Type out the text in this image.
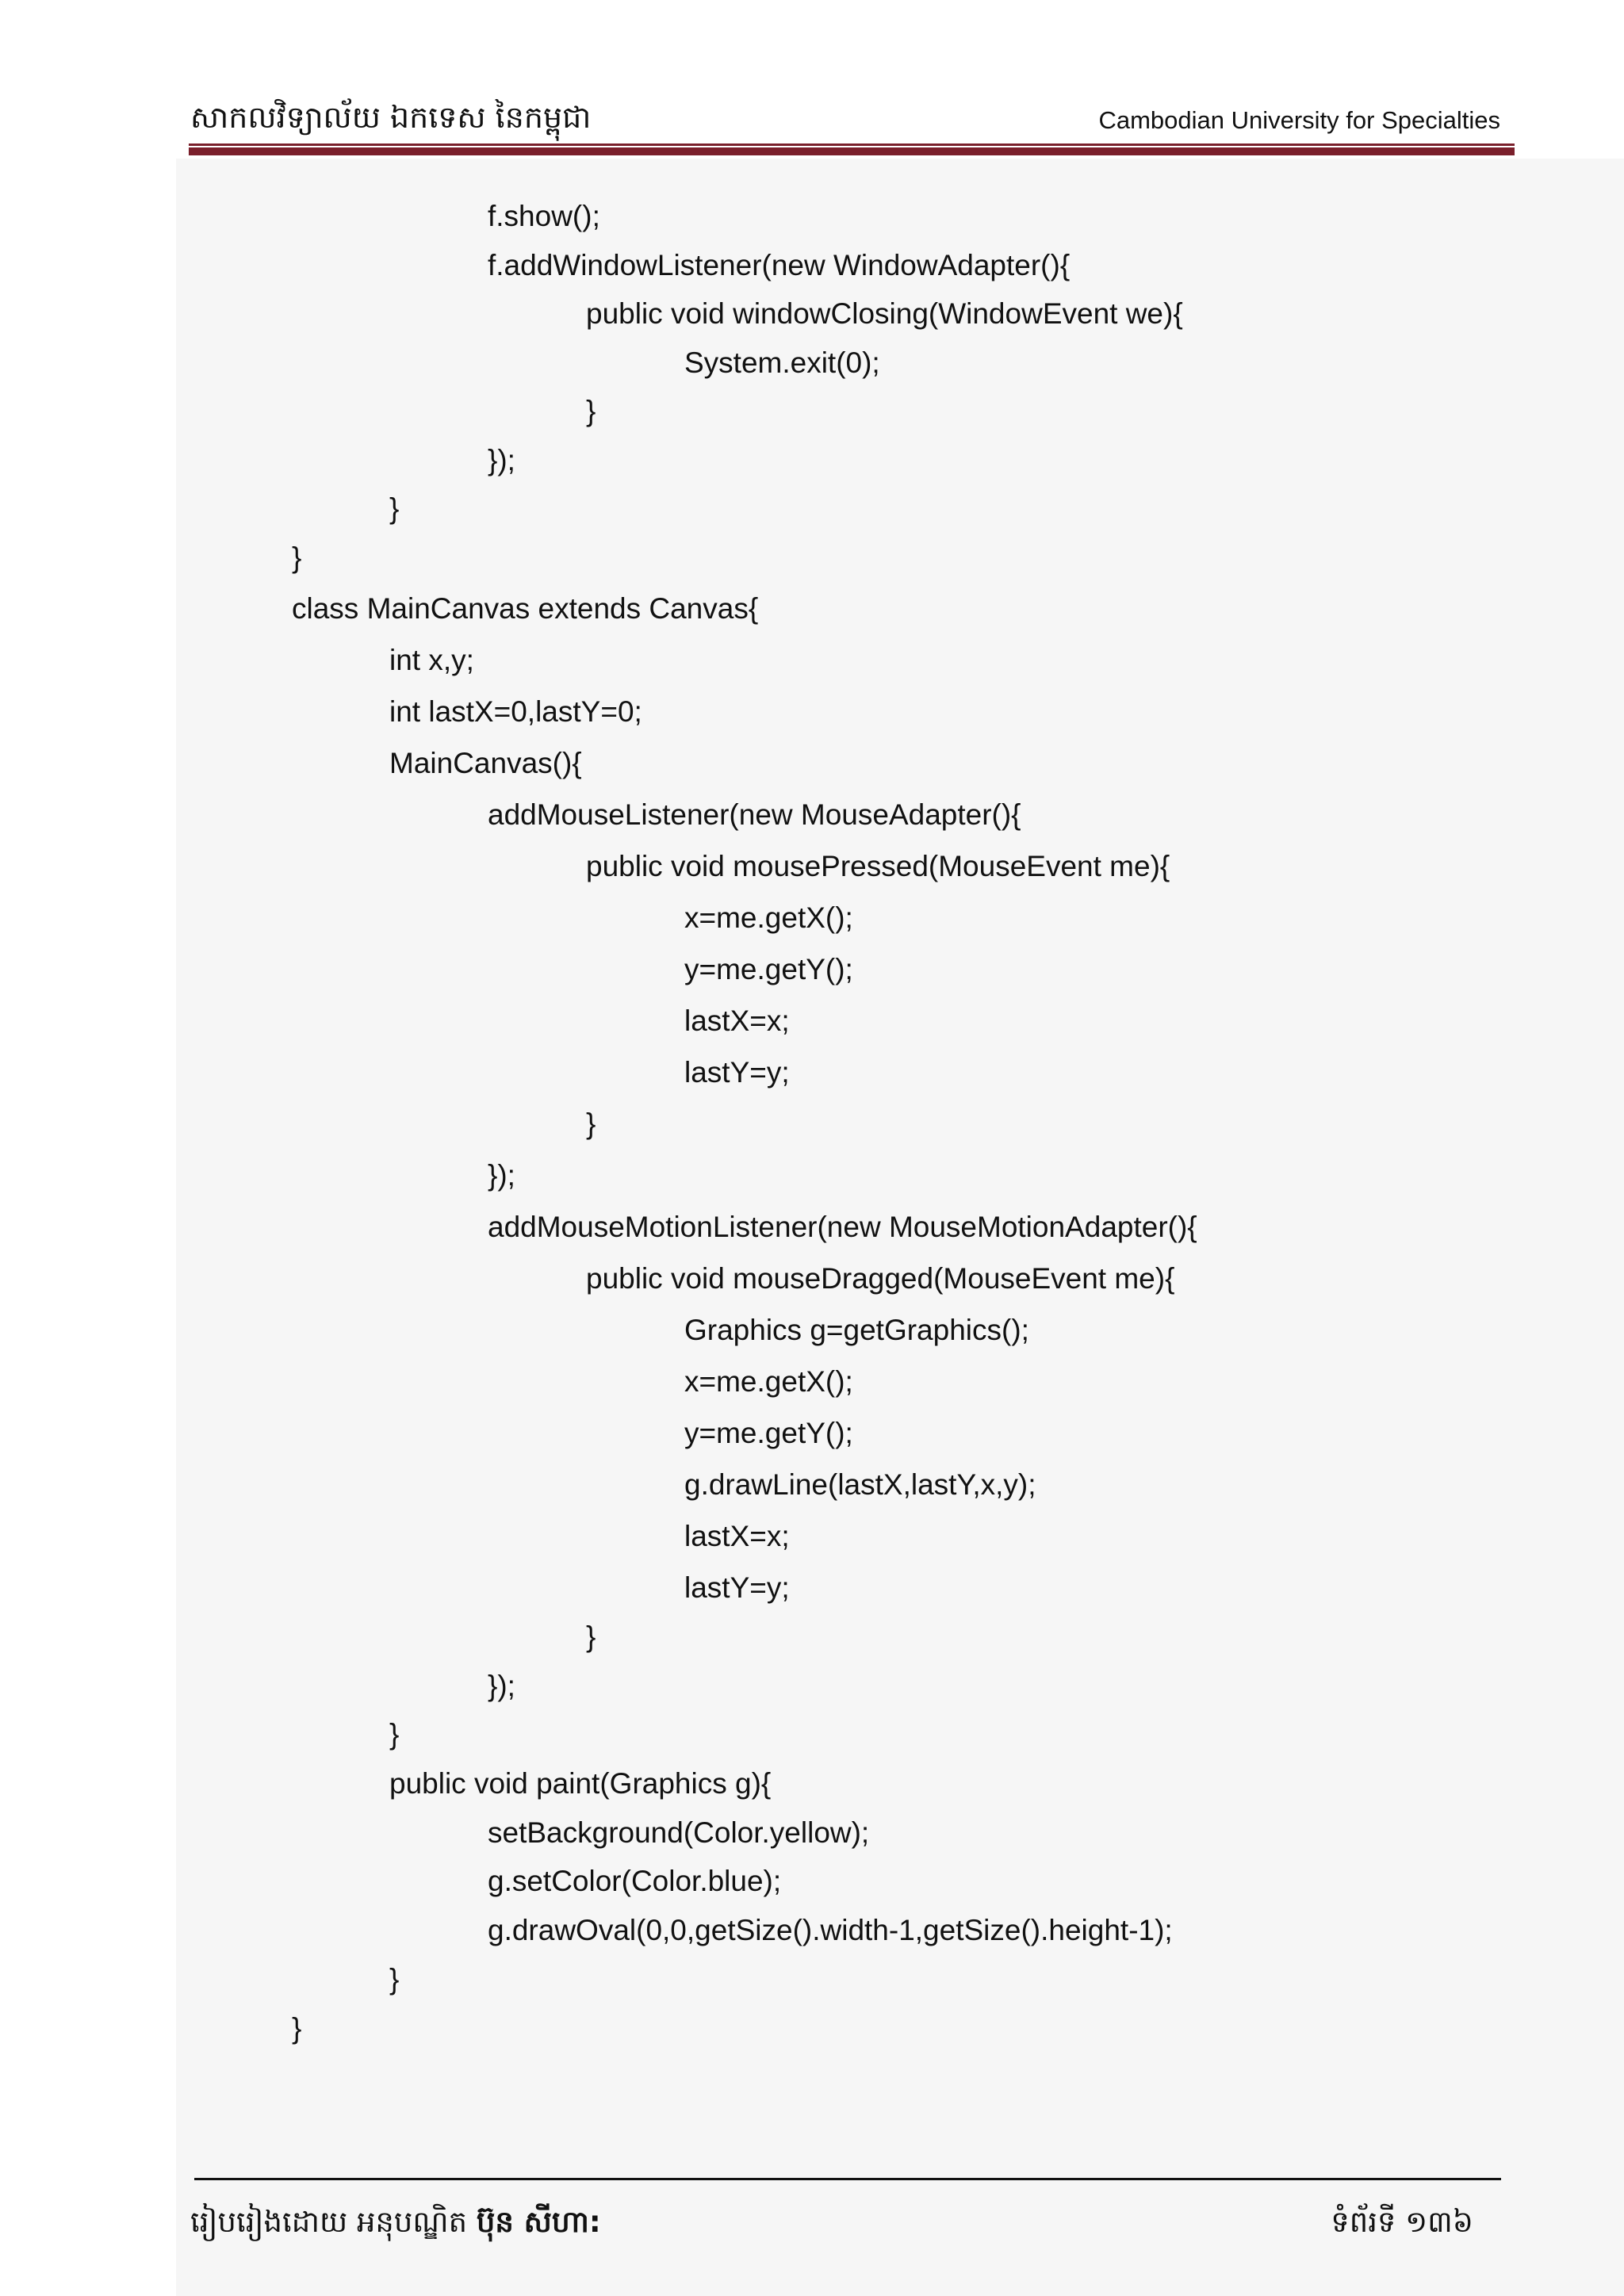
សាកលវិទ្យាល័យ ឯកទេស នៃកម្ពុជា	Cambodian University for Specialties
f.show();
f.addWindowListener(new WindowAdapter(){
public void windowClosing(WindowEvent we){
System.exit(0);
}
});
}
}
class MainCanvas extends Canvas{
int x,y;
int lastX=0,lastY=0;
MainCanvas(){
addMouseListener(new MouseAdapter(){
public void mousePressed(MouseEvent me){
x=me.getX();
y=me.getY();
lastX=x;
lastY=y;
}
});
addMouseMotionListener(new MouseMotionAdapter(){
public void mouseDragged(MouseEvent me){
Graphics g=getGraphics();
x=me.getX();
y=me.getY();
g.drawLine(lastX,lastY,x,y);
lastX=x;
lastY=y;
}
});
}
public void paint(Graphics g){
setBackground(Color.yellow);
g.setColor(Color.blue);
g.drawOval(0,0,getSize().width-1,getSize().height-1);
}
}
រៀបរៀងដោយ អនុបណ្ឌិត ប៊ុន សីហា:	ទំព័រទី ១៣៦
